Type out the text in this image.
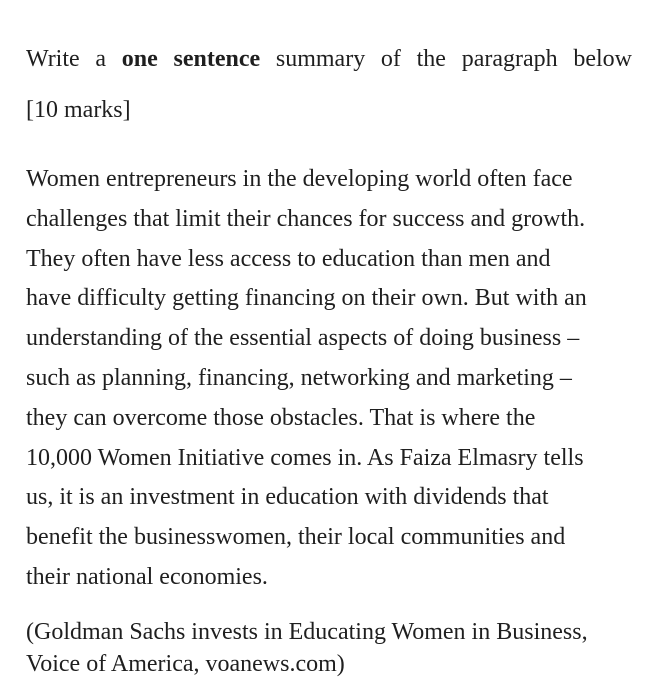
Write a one sentence summary of the paragraph below
[10 marks]
Women entrepreneurs in the developing world often face
challenges that limit their chances for success and growth.
They often have less access to education than men and
have difficulty getting financing on their own. But with an
understanding of the essential aspects of doing business –
such as planning, financing, networking and marketing –
they can overcome those obstacles. That is where the
10,000 Women Initiative comes in. As Faiza Elmasry tells
us, it is an investment in education with dividends that
benefit the businesswomen, their local communities and
their national economies.
(Goldman Sachs invests in Educating Women in Business,
Voice of America, voanews.com)
